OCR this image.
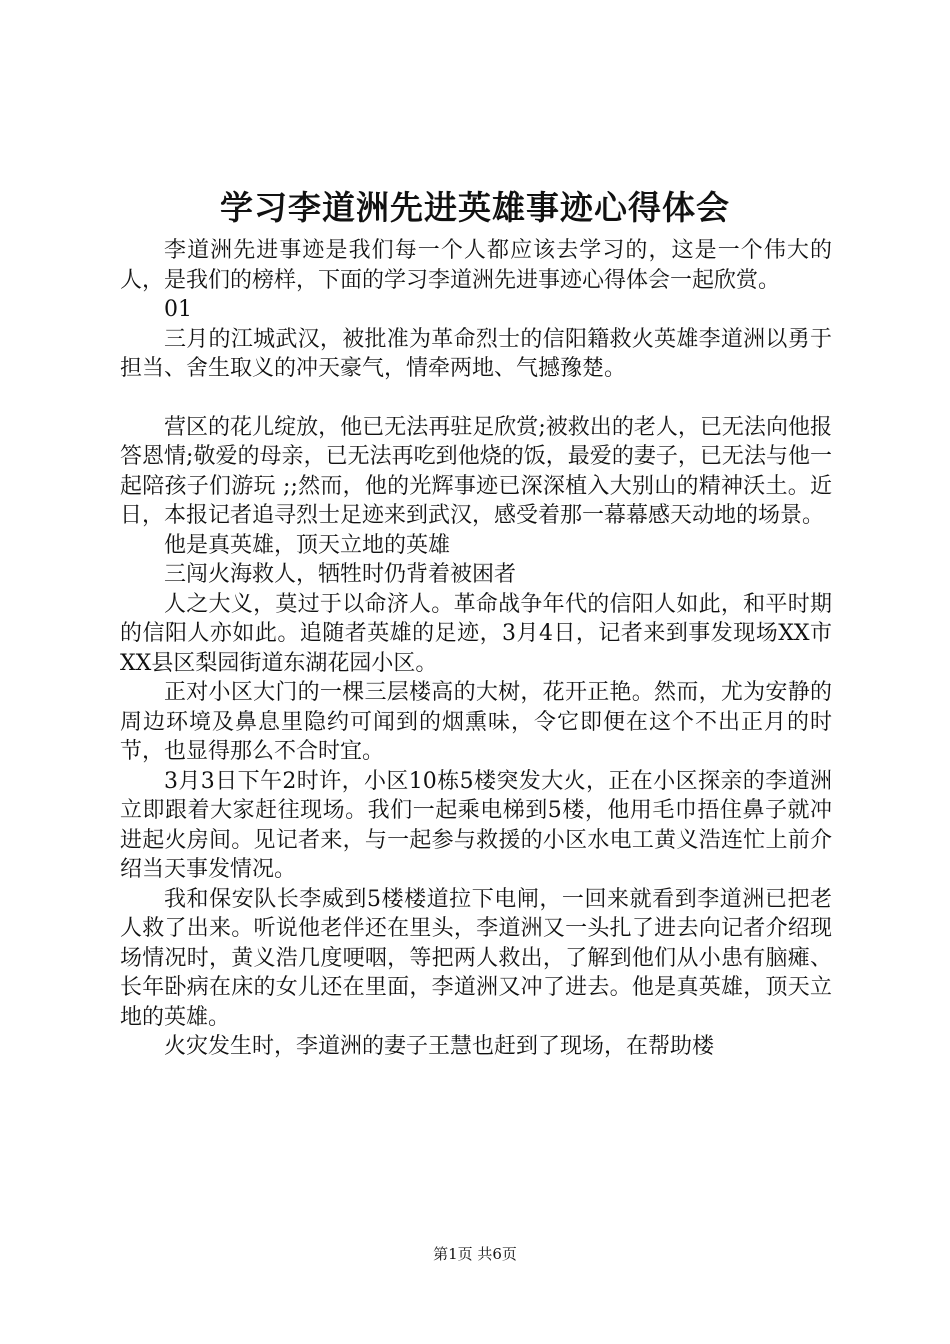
学习李道洲先进英雄事迹心得体会

李道洲先进事迹是我们每一个人都应该去学习的，这是一个伟大的人，是我们的榜样，下面的学习李道洲先进事迹心得体会一起欣赏。

01

三月的江城武汉，被批准为革命烈士的信阳籍救火英雄李道洲以勇于担当、舍生取义的冲天豪气，情牵两地、气撼豫楚。

营区的花儿绽放，他已无法再驻足欣赏;被救出的老人，已无法向他报答恩情;敬爱的母亲，已无法再吃到他烧的饭，最爱的妻子，已无法与他一起陪孩子们游玩 ;;然而，他的光辉事迹已深深植入大别山的精神沃土。近日，本报记者追寻烈士足迹来到武汉，感受着那一幕幕感天动地的场景。

他是真英雄，顶天立地的英雄

三闯火海救人，牺牲时仍背着被困者

人之大义，莫过于以命济人。革命战争年代的信阳人如此，和平时期的信阳人亦如此。追随者英雄的足迹，3月4日，记者来到事发现场XX市XX县区梨园街道东湖花园小区。

正对小区大门的一棵三层楼高的大树，花开正艳。然而，尤为安静的周边环境及鼻息里隐约可闻到的烟熏味，令它即便在这个不出正月的时节，也显得那么不合时宜。

3月3日下午2时许，小区10栋5楼突发大火，正在小区探亲的李道洲立即跟着大家赶往现场。我们一起乘电梯到5楼，他用毛巾捂住鼻子就冲进起火房间。见记者来，与一起参与救援的小区水电工黄义浩连忙上前介绍当天事发情况。

我和保安队长李威到5楼楼道拉下电闸，一回来就看到李道洲已把老人救了出来。听说他老伴还在里头，李道洲又一头扎了进去向记者介绍现场情况时，黄义浩几度哽咽，等把两人救出，了解到他们从小患有脑瘫、长年卧病在床的女儿还在里面，李道洲又冲了进去。他是真英雄，顶天立地的英雄。

火灾发生时，李道洲的妻子王慧也赶到了现场，在帮助楼

第1页 共6页
